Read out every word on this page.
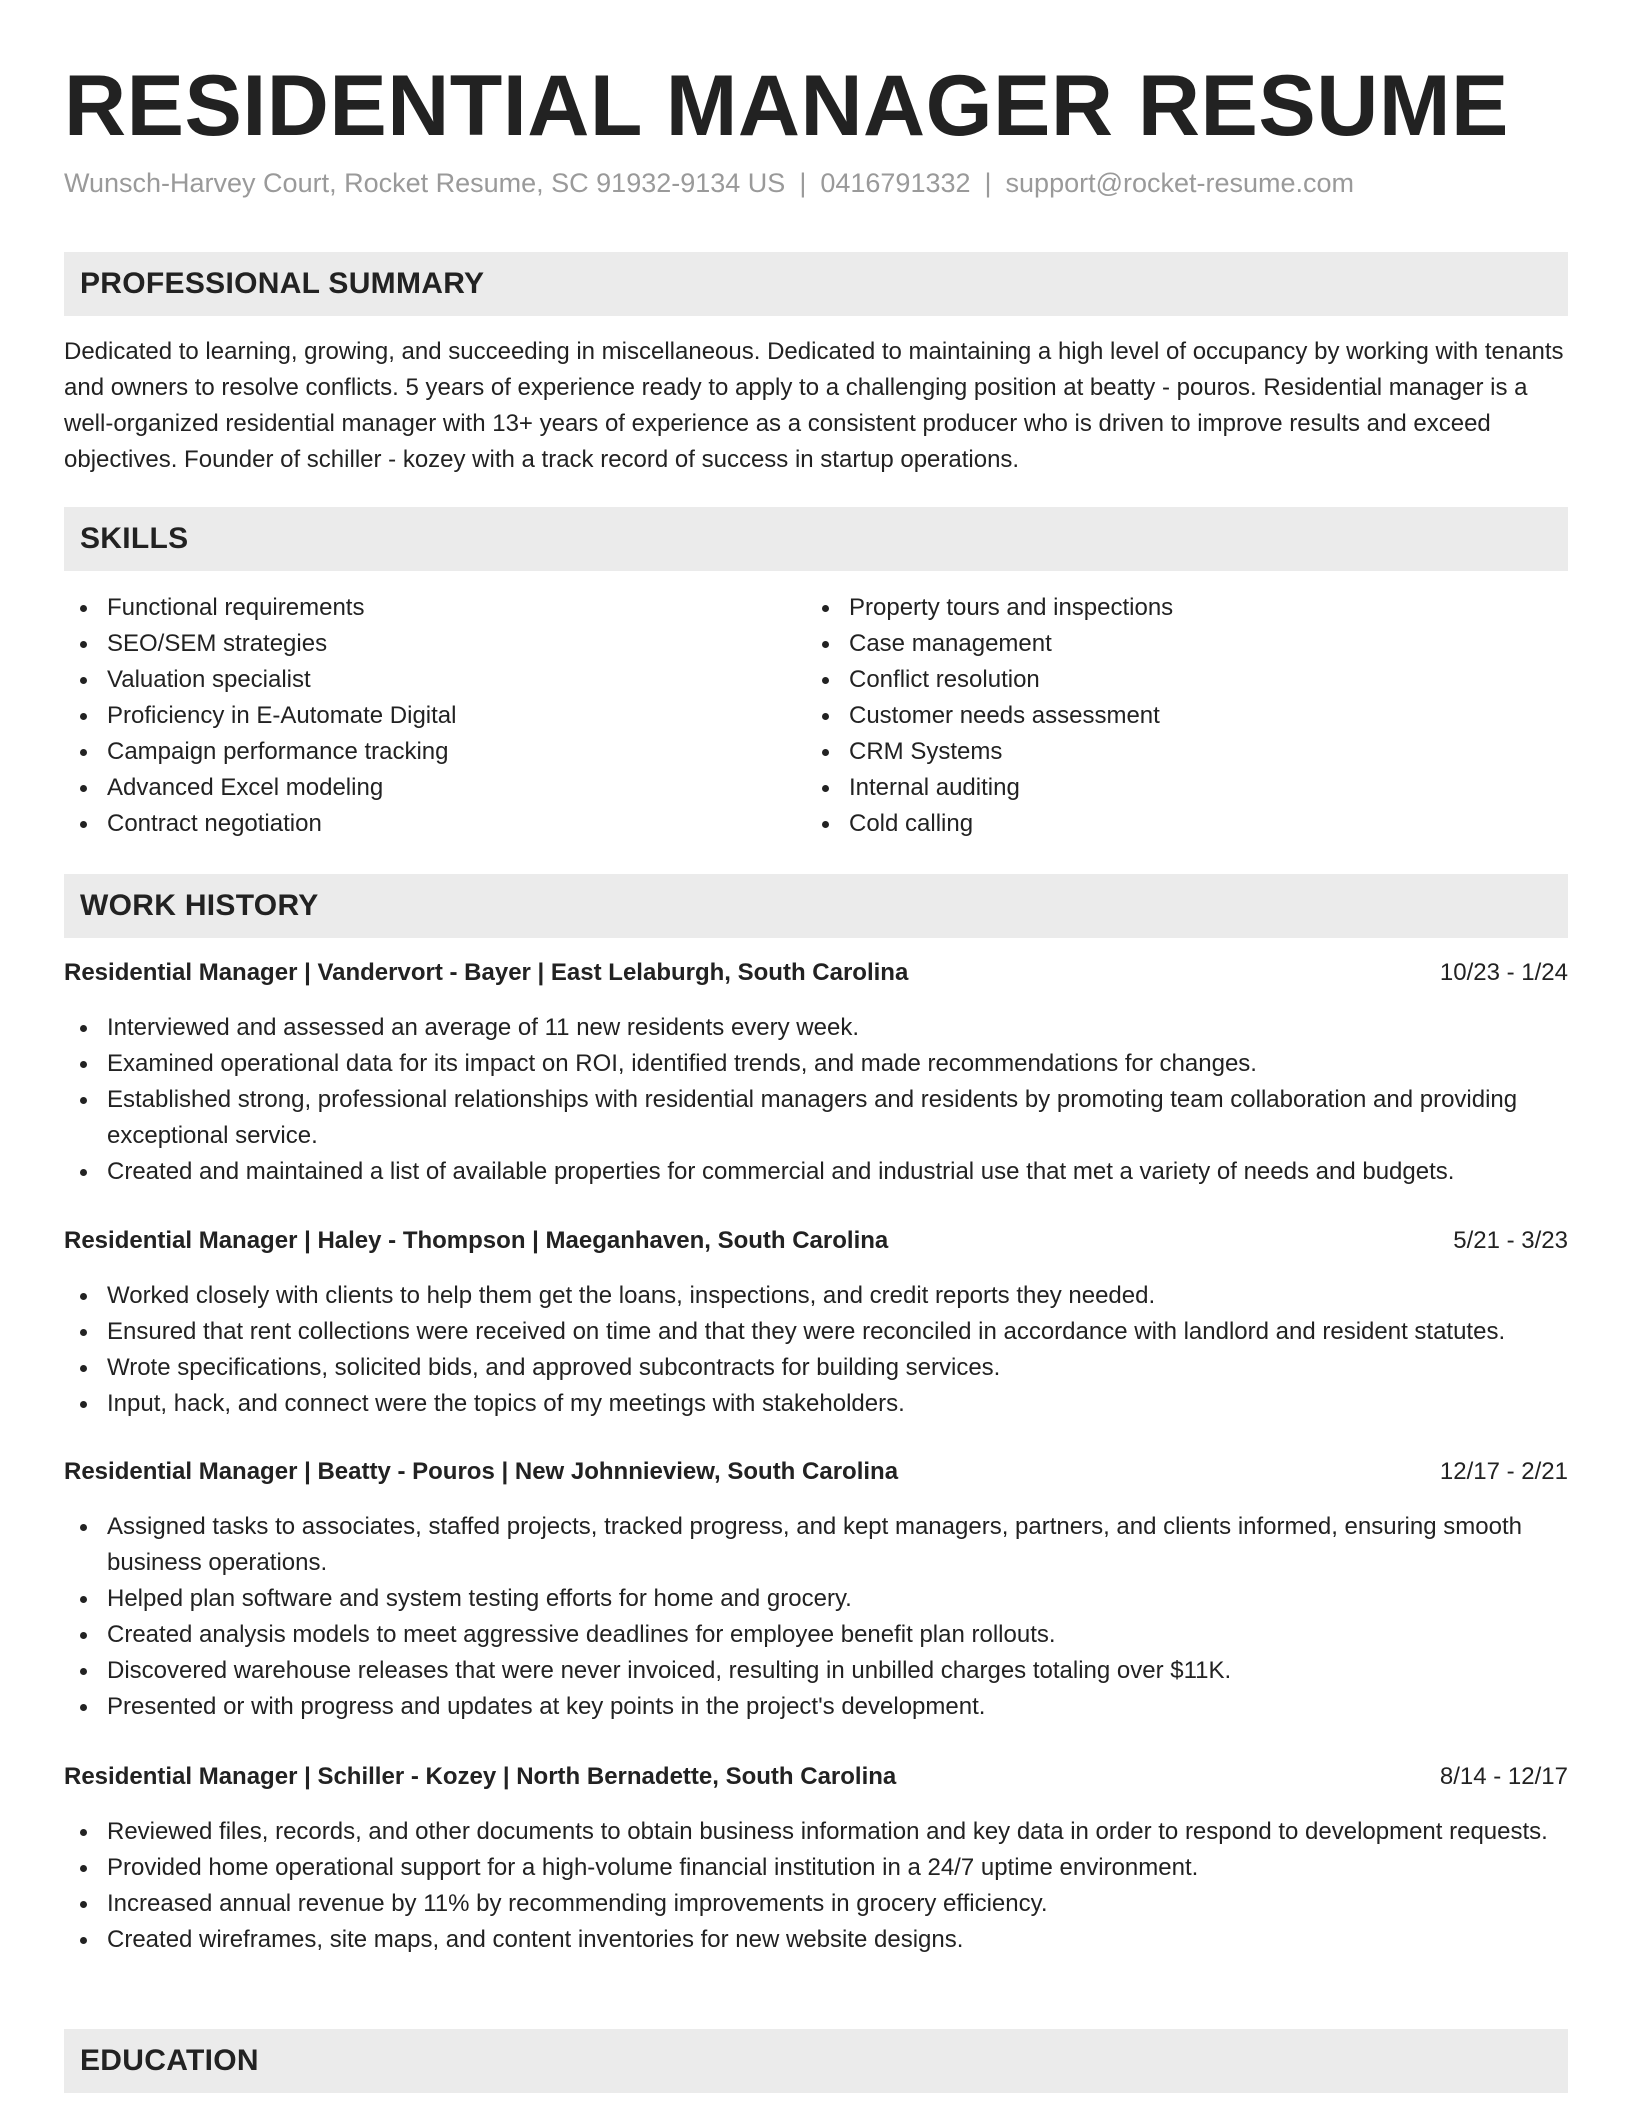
RESIDENTIAL MANAGER RESUME
Wunsch-Harvey Court, Rocket Resume, SC 91932-9134 US | 0416791332 | support@rocket-resume.com
PROFESSIONAL SUMMARY

Dedicated to learning, growing, and succeeding in miscellaneous. Dedicated to maintaining a high level of occupancy by working with tenants and owners to resolve conflicts. 5 years of experience ready to apply to a challenging position at beatty - pouros. Residential manager is a well-organized residential manager with 13+ years of experience as a consistent producer who is driven to improve results and exceed objectives. Founder of schiller - kozey with a track record of success in startup operations.

SKILLS
Functional requirements
SEO/SEM strategies
Valuation specialist
Proficiency in E-Automate Digital
Campaign performance tracking
Advanced Excel modeling
Contract negotiation
Property tours and inspections
Case management
Conflict resolution
Customer needs assessment
CRM Systems
Internal auditing
Cold calling
WORK HISTORY
Residential Manager | Vandervort - Bayer | East Lelaburgh, South Carolina	10/23 - 1/24
Interviewed and assessed an average of 11 new residents every week.
Examined operational data for its impact on ROI, identified trends, and made recommendations for changes.
Established strong, professional relationships with residential managers and residents by promoting team collaboration and providing exceptional service.
Created and maintained a list of available properties for commercial and industrial use that met a variety of needs and budgets.
Residential Manager | Haley - Thompson | Maeganhaven, South Carolina	5/21 - 3/23
Worked closely with clients to help them get the loans, inspections, and credit reports they needed.
Ensured that rent collections were received on time and that they were reconciled in accordance with landlord and resident statutes.
Wrote specifications, solicited bids, and approved subcontracts for building services.
Input, hack, and connect were the topics of my meetings with stakeholders.
Residential Manager | Beatty - Pouros | New Johnnieview, South Carolina	12/17 - 2/21
Assigned tasks to associates, staffed projects, tracked progress, and kept managers, partners, and clients informed, ensuring smooth business operations.
Helped plan software and system testing efforts for home and grocery.
Created analysis models to meet aggressive deadlines for employee benefit plan rollouts.
Discovered warehouse releases that were never invoiced, resulting in unbilled charges totaling over $11K.
Presented or with progress and updates at key points in the project's development.
Residential Manager | Schiller - Kozey | North Bernadette, South Carolina	8/14 - 12/17
Reviewed files, records, and other documents to obtain business information and key data in order to respond to development requests.
Provided home operational support for a high-volume financial institution in a 24/7 uptime environment.
Increased annual revenue by 11% by recommending improvements in grocery efficiency.
Created wireframes, site maps, and content inventories for new website designs.
EDUCATION
